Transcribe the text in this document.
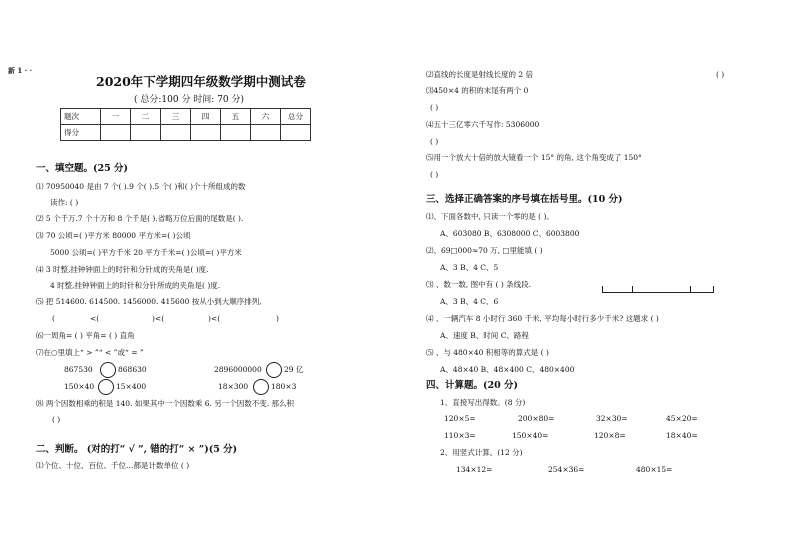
新 1 · ·
2020年下学期四年级数学期中测试卷
( 总分:100 分 时间: 70 分)
题次	一	二	三	四	五	六	总分
得分							
一、填空题。(25 分)
⑴ 70950040 是由 7 个( ).9 个( ).5 个( )和( )个十所组成的数
读作: ( )
⑵ 5 个千万.7 个十万和 8 个千是( ).省略万位后面的尾数是( ).
⑶ 70 公顷=( )平方米 80000 平方米=( )公顷
5000 公顷=( )平方千米 20 平方千米=( )公顷=( )平方米
⑷ 3 时整,挂钟钟面上的时针和分针成的夹角是( )度.
4 时整,挂钟钟面上的时针和分针所成的夹角是( )度.
⑸ 把 514600. 614500. 1456000. 415600 按从小到大顺序排列,
(	<(	)<(	)<(	)
⑹一周角= ( ) 平角= ( ) 直角
⑺在○里填上“ > ”“ < ”或“ = ”
867530	868630	2896000000	29 亿
150×40	15×400	18×300	180×3
⑻ 两个因数相乘的积是 140. 如果其中一个因数乘 6. 另一个因数不变. 那么积
( )
二、判断。 (对的打“ √ ”, 错的打“ × ”)(5 分)
⑴个位、十位、百位、千位…都是计数单位 ( )
⑵直线的长度是射线长度的 2 倍	( )
⑶450×4 的积的末尾有两个 0
( )
⑷五十三亿零六千写作: 5306000
( )
⑸用一个放大十倍的放大镜看一个 15° 的角, 这个角变成了 150°
( )
三、选择正确答案的序号填在括号里。(10 分)
⑴、下面各数中, 只读一个零的是 ( )。
A、603080 B、6308000 C、6003800
⑵、69□000≈70 万, □里能填 ( )
A、3 B、4 C、5
⑶ 、数一数, 图中有 ( ) 条线段.
A、3 B、4 C、6
⑷ 、一辆汽车 8 小时行 360 千米, 平均每小时行多少千米? 这题求 ( )
A、速度 B、时间 C、路程
⑸ 、与 480×40 积相等的算式是 ( )
A、48×40 B、48×400 C、480×400
四、计算题。(20 分)
1、直接写出得数。(8 分)
120×5=	200×80=	32×30=	45×20=
110×3=	150×40=	120×8=	18×40=
2、用竖式计算。(12 分)
134×12=	254×36=	480×15=
